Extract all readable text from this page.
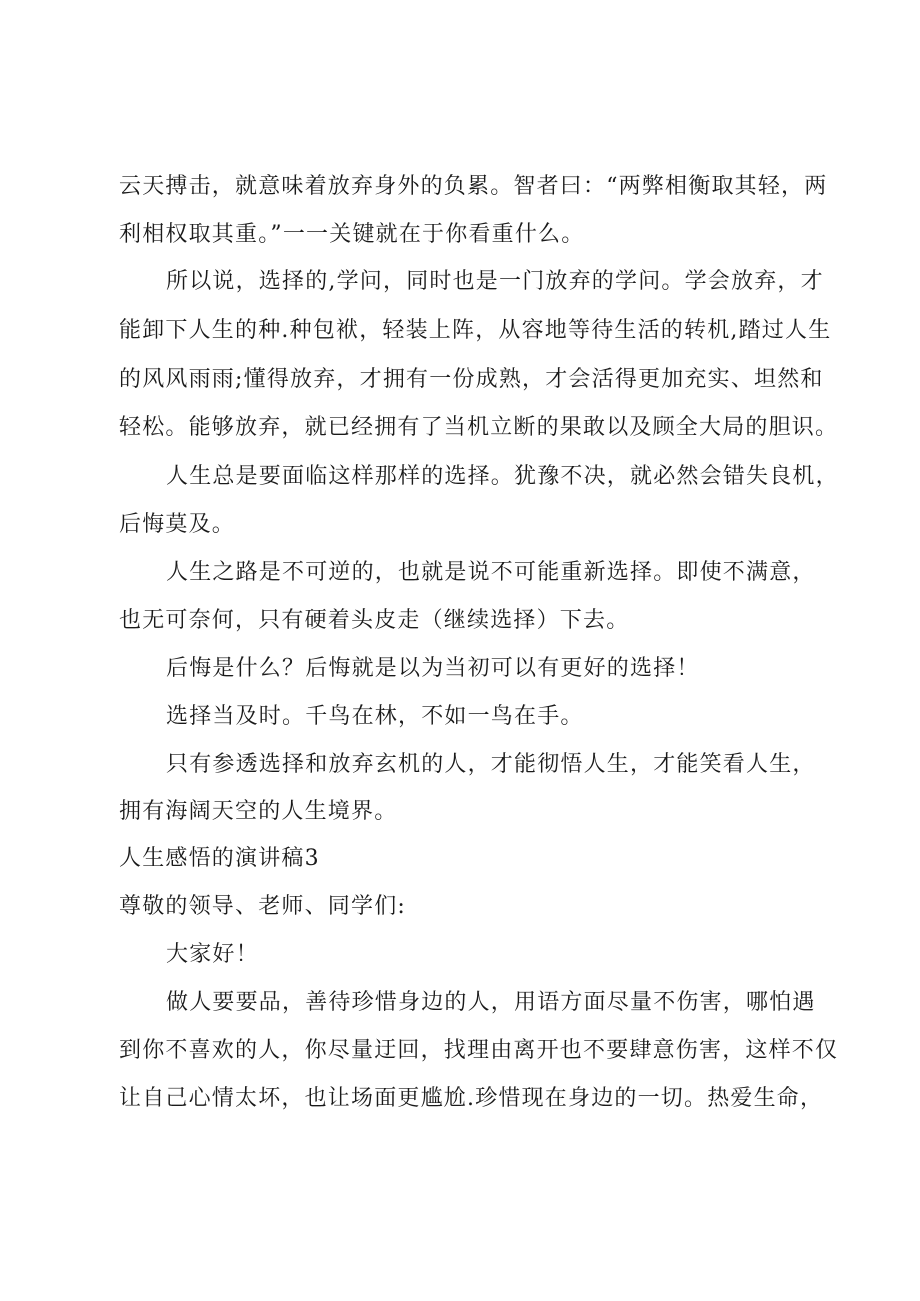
云天搏击，就意味着放弃身外的负累。智者曰：“两弊相衡取其轻，两
利相权取其重。”一一关键就在于你看重什么。
所以说，选择的,学问，同时也是一门放弃的学问。学会放弃，才
能卸下人生的种.种包袱，轻装上阵，从容地等待生活的转机,踏过人生
的风风雨雨;懂得放弃，才拥有一份成熟，才会活得更加充实、坦然和
轻松。能够放弃，就已经拥有了当机立断的果敢以及顾全大局的胆识。
人生总是要面临这样那样的选择。犹豫不决，就必然会错失良机，
后悔莫及。
人生之路是不可逆的，也就是说不可能重新选择。即使不满意，
也无可奈何，只有硬着头皮走（继续选择）下去。
后悔是什么？后悔就是以为当初可以有更好的选择！
选择当及时。千鸟在林，不如一鸟在手。
只有参透选择和放弃玄机的人，才能彻悟人生，才能笑看人生，
拥有海阔天空的人生境界。
人生感悟的演讲稿3
尊敬的领导、老师、同学们:
大家好！
做人要要品，善待珍惜身边的人，用语方面尽量不伤害，哪怕遇
到你不喜欢的人，你尽量迂回，找理由离开也不要肆意伤害，这样不仅
让自己心情太坏，也让场面更尴尬.珍惜现在身边的一切。热爱生命，
